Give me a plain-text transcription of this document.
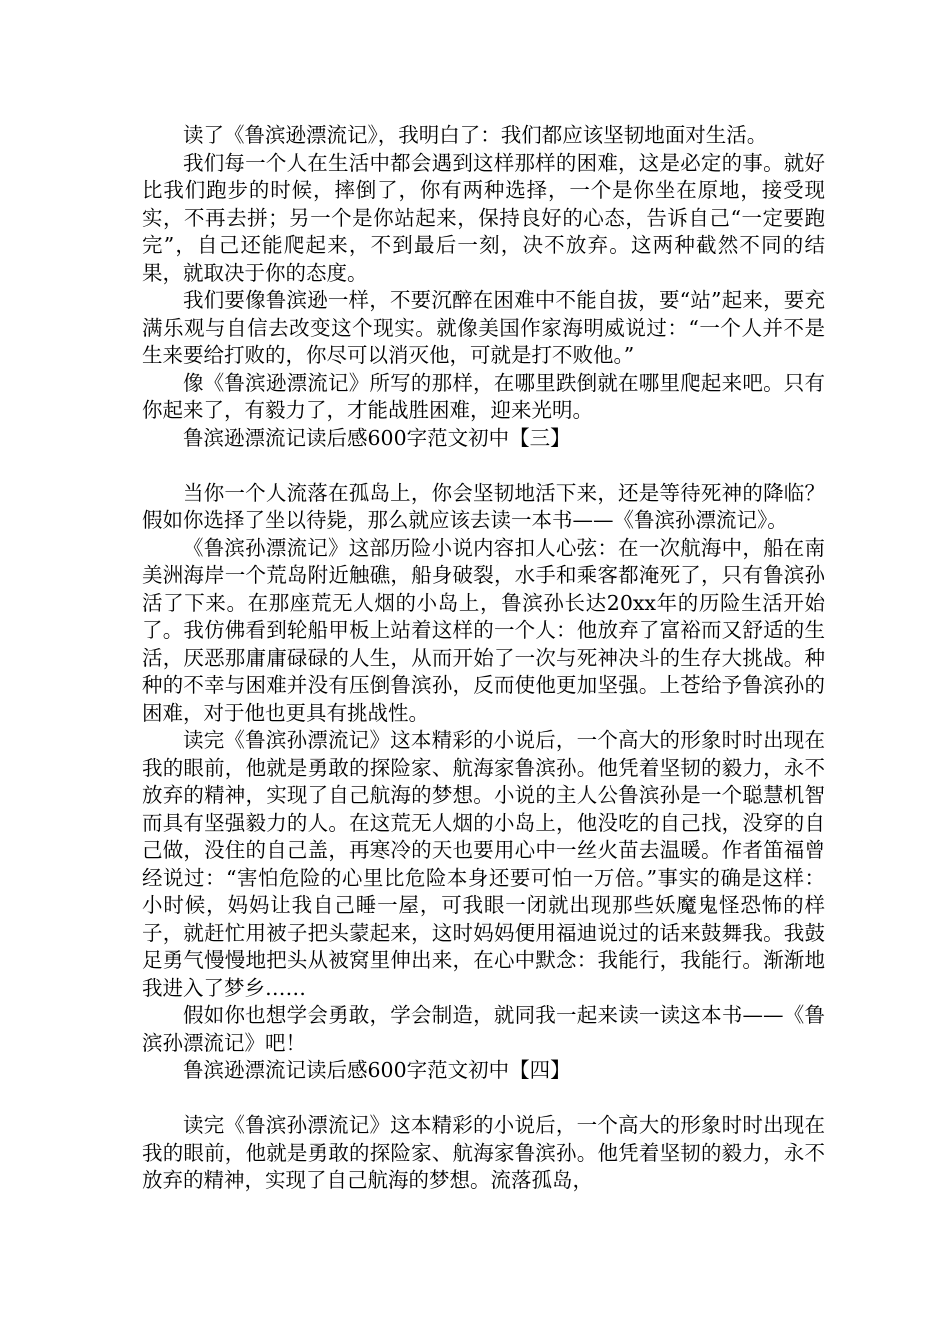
读了《鲁滨逊漂流记》，我明白了：我们都应该坚韧地面对生活。

我们每一个人在生活中都会遇到这样那样的困难，这是必定的事。就好比我们跑步的时候，摔倒了，你有两种选择，一个是你坐在原地，接受现实，不再去拼；另一个是你站起来，保持良好的心态，告诉自己“一定要跑完”，自己还能爬起来，不到最后一刻，决不放弃。这两种截然不同的结果，就取决于你的态度。

我们要像鲁滨逊一样，不要沉醉在困难中不能自拔，要“站”起来，要充满乐观与自信去改变这个现实。就像美国作家海明威说过：“一个人并不是生来要给打败的，你尽可以消灭他，可就是打不败他。”

像《鲁滨逊漂流记》所写的那样，在哪里跌倒就在哪里爬起来吧。只有你起来了，有毅力了，才能战胜困难，迎来光明。

鲁滨逊漂流记读后感600字范文初中【三】

当你一个人流落在孤岛上，你会坚韧地活下来，还是等待死神的降临？假如你选择了坐以待毙，那么就应该去读一本书——《鲁滨孙漂流记》。

《鲁滨孙漂流记》这部历险小说内容扣人心弦：在一次航海中，船在南美洲海岸一个荒岛附近触礁，船身破裂，水手和乘客都淹死了，只有鲁滨孙活了下来。在那座荒无人烟的小岛上，鲁滨孙长达20xx年的历险生活开始了。我仿佛看到轮船甲板上站着这样的一个人：他放弃了富裕而又舒适的生活，厌恶那庸庸碌碌的人生，从而开始了一次与死神决斗的生存大挑战。种种的不幸与困难并没有压倒鲁滨孙，反而使他更加坚强。上苍给予鲁滨孙的困难，对于他也更具有挑战性。

读完《鲁滨孙漂流记》这本精彩的小说后，一个高大的形象时时出现在我的眼前，他就是勇敢的探险家、航海家鲁滨孙。他凭着坚韧的毅力，永不放弃的精神，实现了自己航海的梦想。小说的主人公鲁滨孙是一个聪慧机智而具有坚强毅力的人。在这荒无人烟的小岛上，他没吃的自己找，没穿的自己做，没住的自己盖，再寒冷的天也要用心中一丝火苗去温暖。作者笛福曾经说过：“害怕危险的心里比危险本身还要可怕一万倍。”事实的确是这样：小时候，妈妈让我自己睡一屋，可我眼一闭就出现那些妖魔鬼怪恐怖的样子，就赶忙用被子把头蒙起来，这时妈妈便用福迪说过的话来鼓舞我。我鼓足勇气慢慢地把头从被窝里伸出来，在心中默念：我能行，我能行。渐渐地我进入了梦乡……

假如你也想学会勇敢，学会制造，就同我一起来读一读这本书——《鲁滨孙漂流记》吧！

鲁滨逊漂流记读后感600字范文初中【四】

读完《鲁滨孙漂流记》这本精彩的小说后，一个高大的形象时时出现在我的眼前，他就是勇敢的探险家、航海家鲁滨孙。他凭着坚韧的毅力，永不放弃的精神，实现了自己航海的梦想。流落孤岛，
